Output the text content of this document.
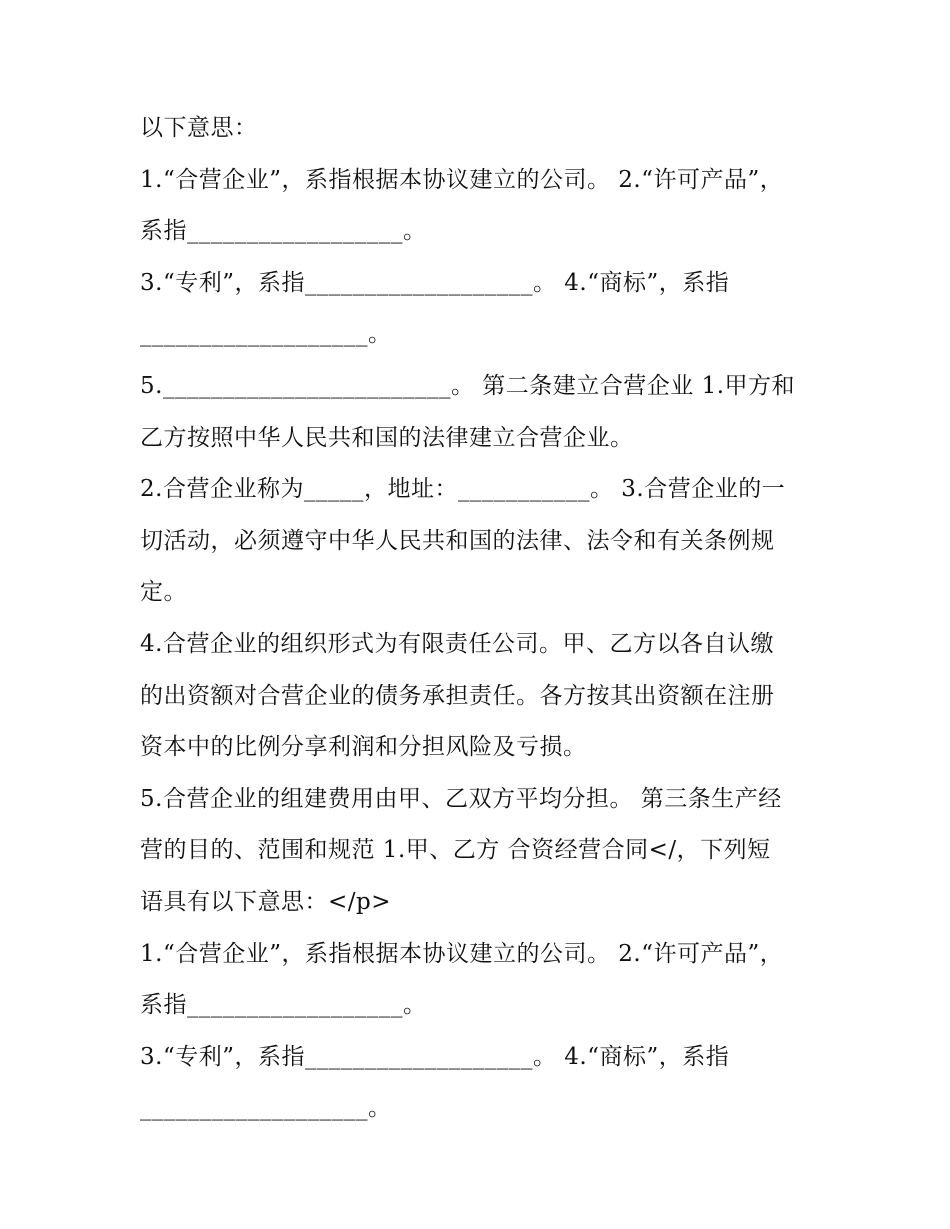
以下意思：
1.“合营企业”，系指根据本协议建立的公司。 2.“许可产品”，
系指__________________。
3.“专利”，系指___________________。 4.“商标”，系指
___________________。
5.________________________。 第二条建立合营企业 1.甲方和
乙方按照中华人民共和国的法律建立合营企业。
2.合营企业称为_____，地址：___________。 3.合营企业的一
切活动，必须遵守中华人民共和国的法律、法令和有关条例规
定。
4.合营企业的组织形式为有限责任公司。甲、乙方以各自认缴
的出资额对合营企业的债务承担责任。各方按其出资额在注册
资本中的比例分享利润和分担风险及亏损。
5.合营企业的组建费用由甲、乙双方平均分担。 第三条生产经
营的目的、范围和规范 1.甲、乙方 合资经营合同</，下列短
语具有以下意思：</p>
1.“合营企业”，系指根据本协议建立的公司。 2.“许可产品”，
系指__________________。
3.“专利”，系指___________________。 4.“商标”，系指
___________________。
